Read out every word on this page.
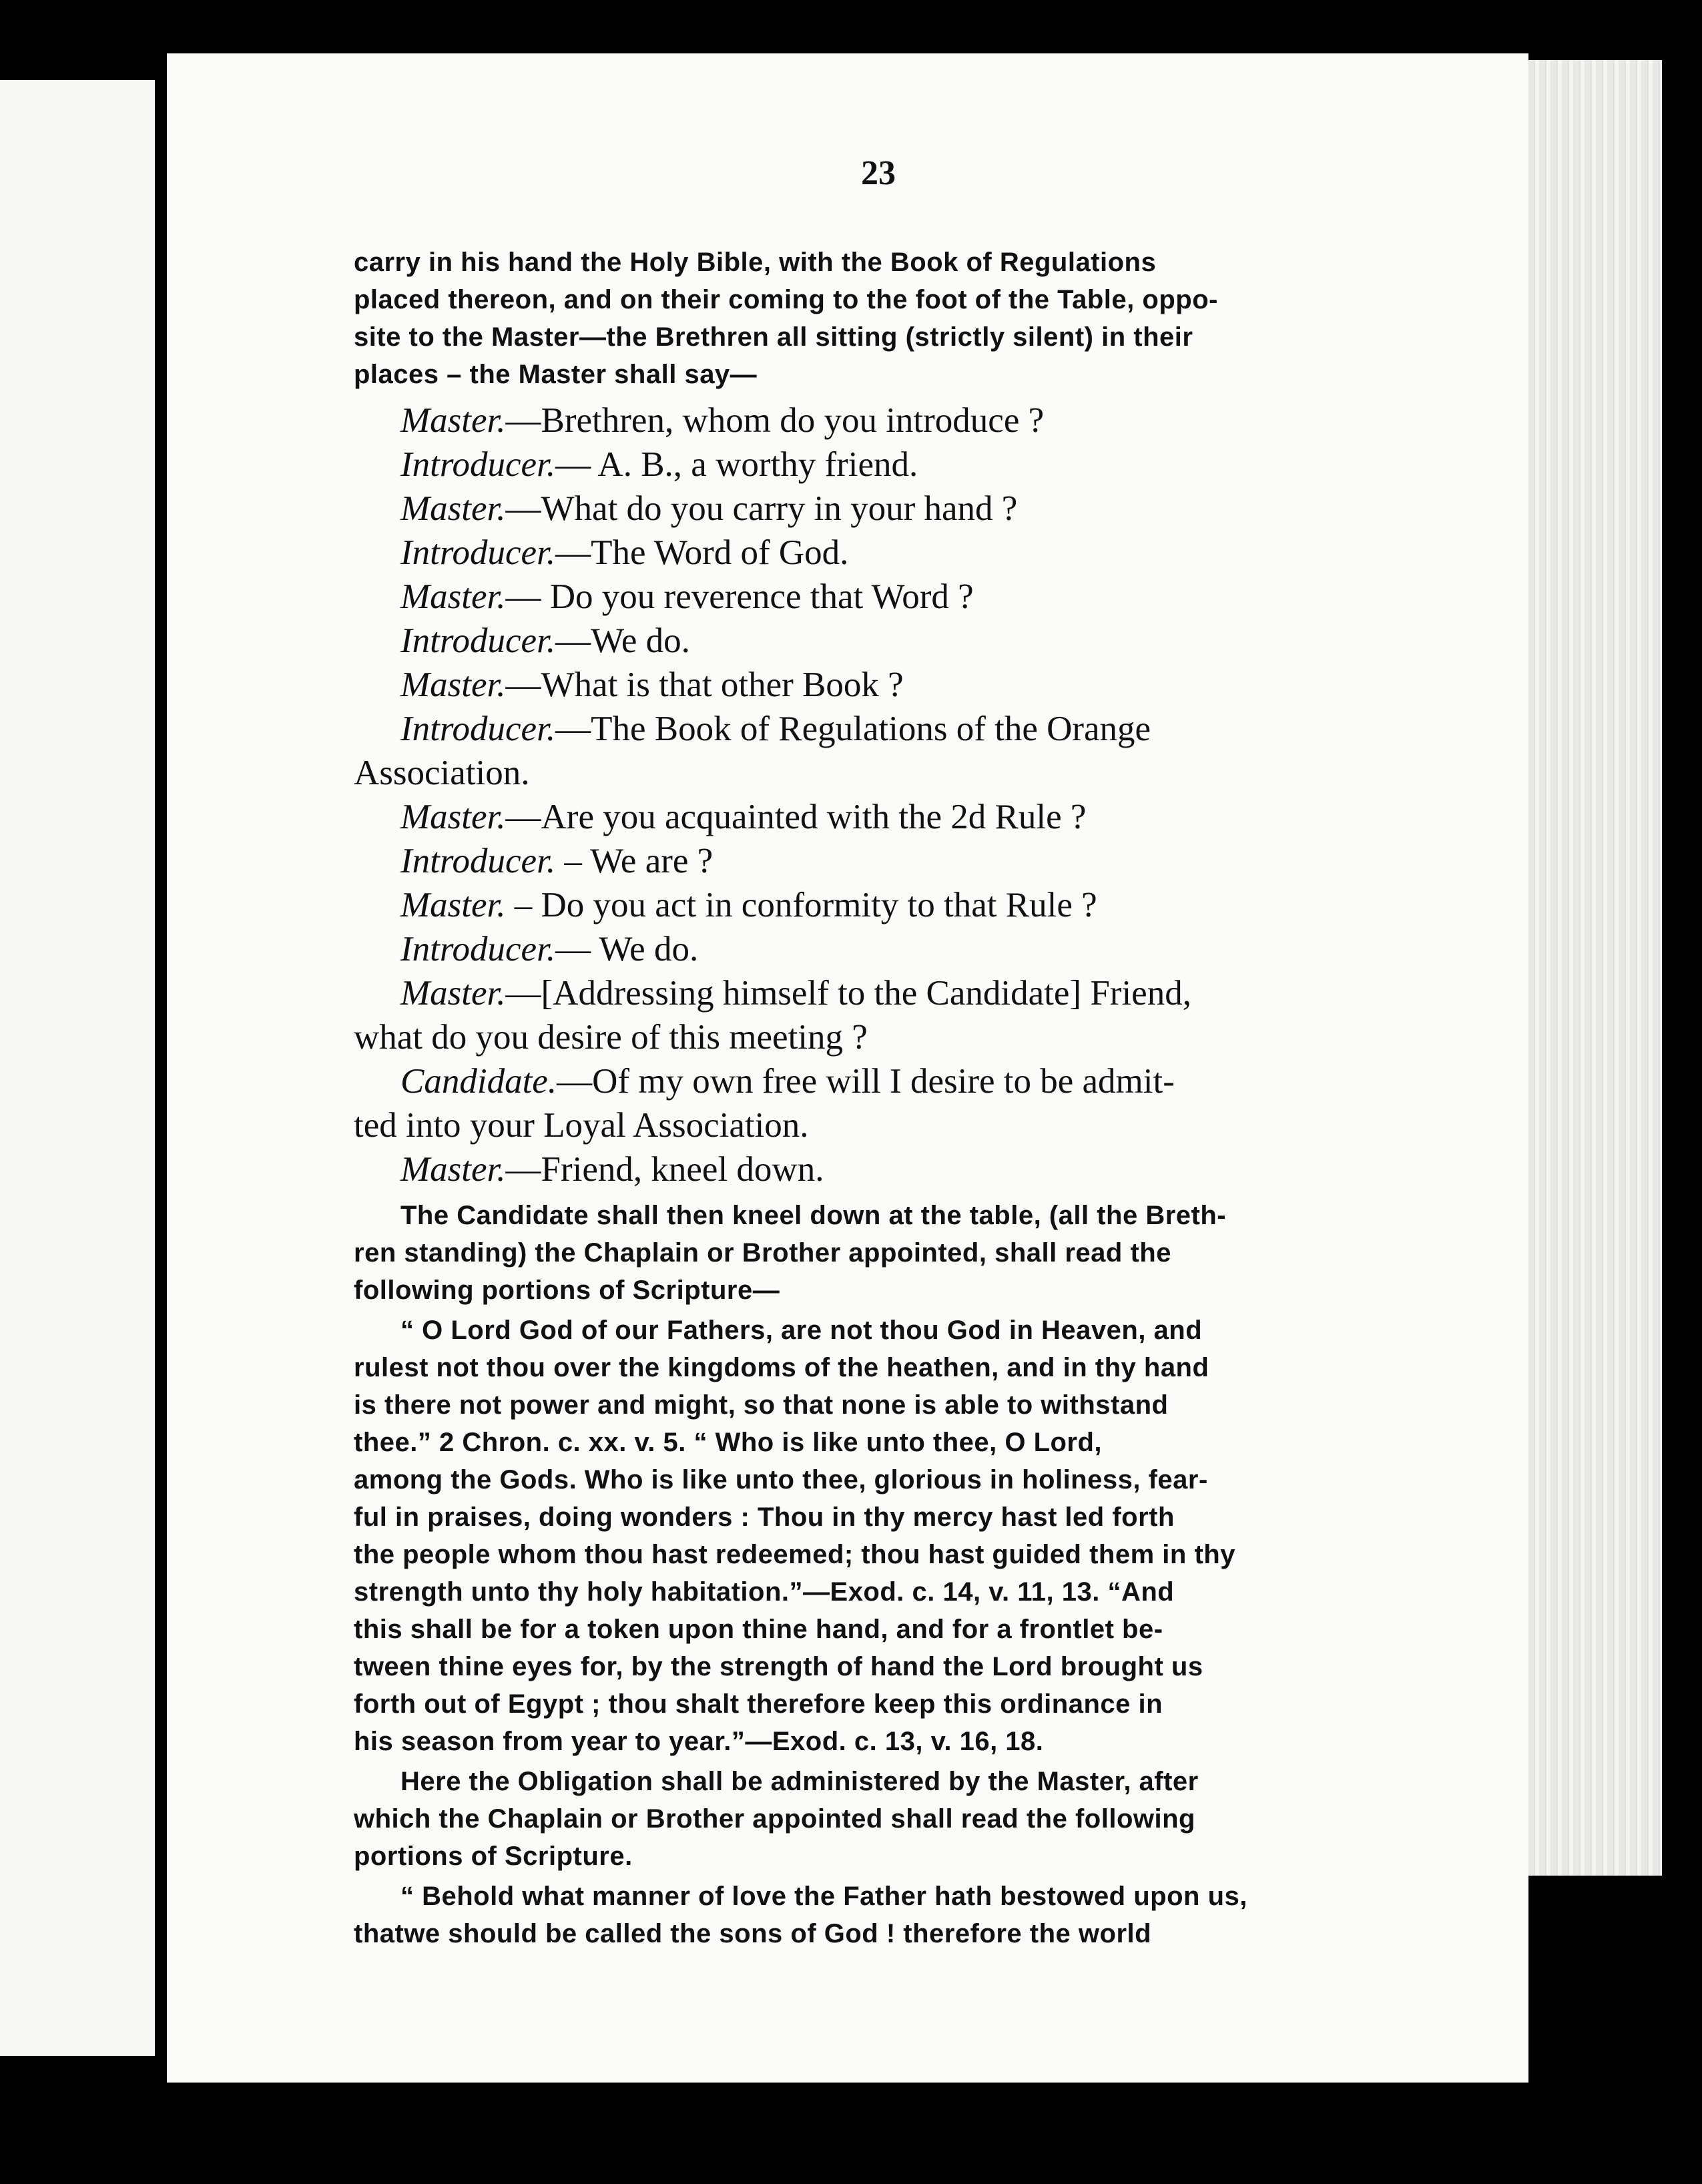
23
carry in his hand the Holy Bible, with the Book of Regulations
placed thereon, and on their coming to the foot of the Table, oppo-
site to the Master—the Brethren all sitting (strictly silent) in their
places – the Master shall say—
Master.—Brethren, whom do you introduce ?
Introducer.— A. B., a worthy friend.
Master.—What do you carry in your hand ?
Introducer.—The Word of God.
Master.— Do you reverence that Word ?
Introducer.—We do.
Master.—What is that other Book ?
Introducer.—The Book of Regulations of the Orange
Association.
Master.—Are you acquainted with the 2d Rule ?
Introducer. – We are ?
Master. – Do you act in conformity to that Rule ?
Introducer.— We do.
Master.—[Addressing himself to the Candidate] Friend,
what do you desire of this meeting ?
Candidate.—Of my own free will I desire to be admit-
ted into your Loyal Association.
Master.—Friend, kneel down.
The Candidate shall then kneel down at the table, (all the Breth-
ren standing) the Chaplain or Brother appointed, shall read the
following portions of Scripture—
“ O Lord God of our Fathers, are not thou God in Heaven, and
rulest not thou over the kingdoms of the heathen, and in thy hand
is there not power and might, so that none is able to withstand
thee.” 2 Chron. c. xx. v. 5. “ Who is like unto thee, O Lord,
among the Gods. Who is like unto thee, glorious in holiness, fear-
ful in praises, doing wonders : Thou in thy mercy hast led forth
the people whom thou hast redeemed; thou hast guided them in thy
strength unto thy holy habitation.”—Exod. c. 14, v. 11, 13. “And
this shall be for a token upon thine hand, and for a frontlet be-
tween thine eyes for, by the strength of hand the Lord brought us
forth out of Egypt ; thou shalt therefore keep this ordinance in
his season from year to year.”—Exod. c. 13, v. 16, 18.
Here the Obligation shall be administered by the Master, after
which the Chaplain or Brother appointed shall read the following
portions of Scripture.
“ Behold what manner of love the Father hath bestowed upon us,
thatwe should be called the sons of God ! therefore the world
